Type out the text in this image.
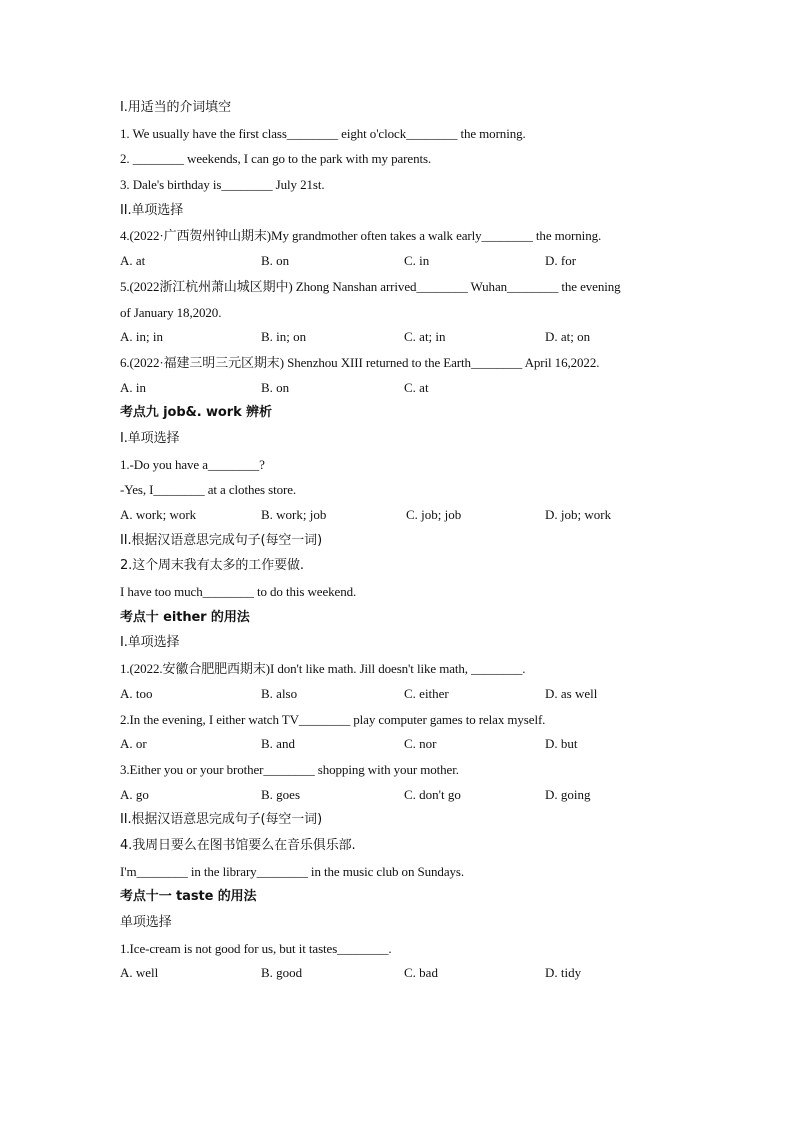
I.用适当的介词填空
1. We usually have the first class________ eight o'clock________ the morning.
2. ________ weekends, I can go to the park with my parents.
3. Dale's birthday is________ July 21st.
II.单项选择
4.(2022·广西贺州钟山期末)My grandmother often takes a walk early________ the morning.
A. at	B. on	C. in	D. for
5.(2022浙江杭州萧山城区期中) Zhong Nanshan arrived________ Wuhan________ the evening
of January 18,2020.
A. in; in	B. in; on	C. at; in	D. at; on
6.(2022·福建三明三元区期末) Shenzhou XIII returned to the Earth________ April 16,2022.
A. in	B. on	C. at
考点九 job&. work 辨析
I.单项选择
1.-Do you have a________?
-Yes, I________ at a clothes store.
A. work; work	B. work; job	C. job; job	D. job; work
II.根据汉语意思完成句子(每空一词)
2.这个周末我有太多的工作要做.
I have too much________ to do this weekend.
考点十 either 的用法
I.单项选择
1.(2022.安徽合肥肥西期末)I don't like math. Jill doesn't like math, ________.
A. too	B. also	C. either	D. as well
2.In the evening, I either watch TV________ play computer games to relax myself.
A. or	B. and	C. nor	D. but
3.Either you or your brother________ shopping with your mother.
A. go	B. goes	C. don't go	D. going
II.根据汉语意思完成句子(每空一词)
4.我周日要么在图书馆要么在音乐俱乐部.
I'm________ in the library________ in the music club on Sundays.
考点十一 taste 的用法
单项选择
1.Ice-cream is not good for us, but it tastes________.
A. well	B. good	C. bad	D. tidy
